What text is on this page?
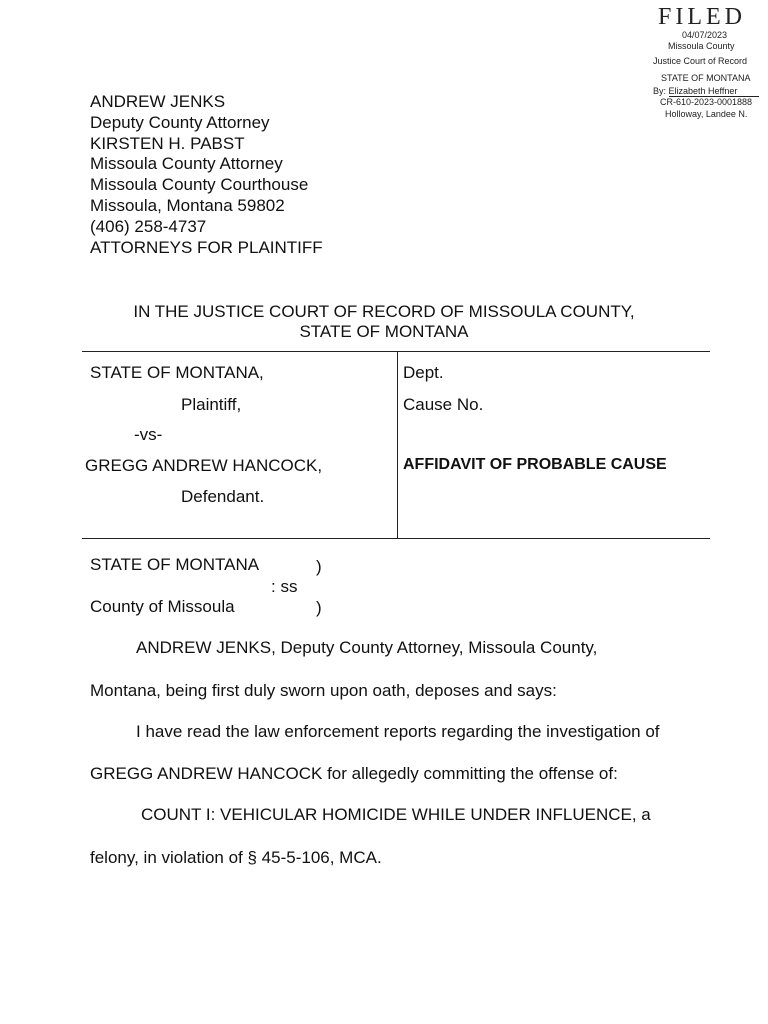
FILED
04/07/2023
Missoula County
Justice Court of Record
STATE OF MONTANA
By: Elizabeth Heffner
CR-610-2023-0001888
Holloway, Landee N.
ANDREW JENKS
Deputy County Attorney
KIRSTEN H. PABST
Missoula County Attorney
Missoula County Courthouse
Missoula, Montana 59802
(406) 258-4737
ATTORNEYS FOR PLAINTIFF
IN THE JUSTICE COURT OF RECORD OF MISSOULA COUNTY,
STATE OF MONTANA
STATE OF MONTANA,
Plaintiff,
-vs-
GREGG ANDREW HANCOCK,
Defendant.
Dept.
Cause No.
AFFIDAVIT OF PROBABLE CAUSE
STATE OF MONTANA	)
: ss
County of Missoula	)
ANDREW JENKS, Deputy County Attorney, Missoula County,
Montana, being first duly sworn upon oath, deposes and says:
I have read the law enforcement reports regarding the investigation of
GREGG ANDREW HANCOCK for allegedly committing the offense of:
COUNT I: VEHICULAR HOMICIDE WHILE UNDER INFLUENCE, a
felony, in violation of § 45-5-106, MCA.
